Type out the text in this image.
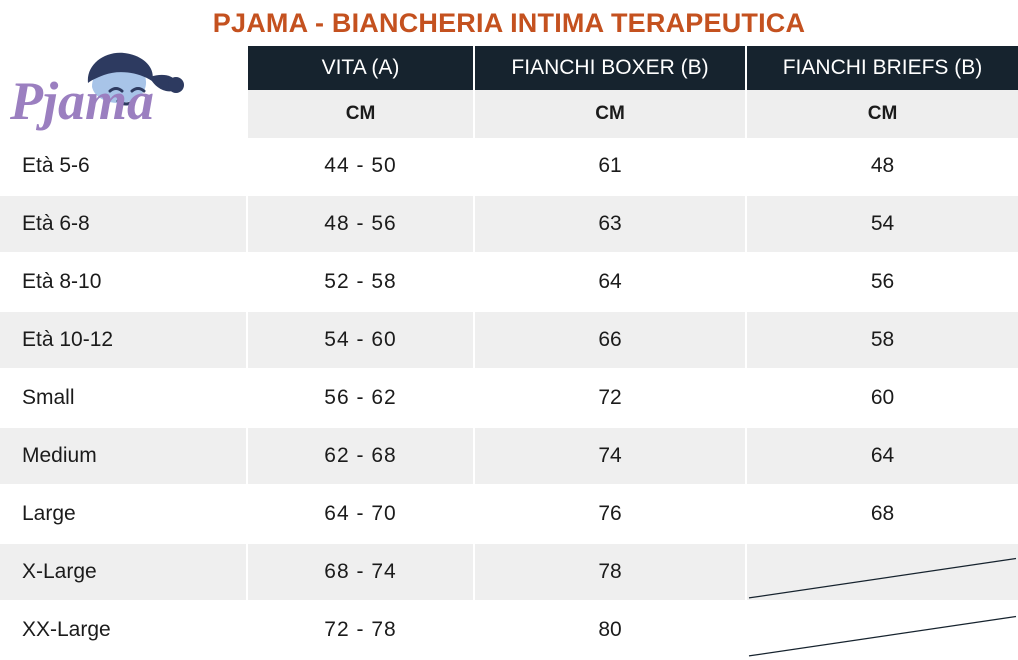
PJAMA - BIANCHERIA INTIMA TERAPEUTICA
Pjama	VITA (A)	FIANCHI BOXER (B)	FIANCHI BRIEFS (B)
	CM	CM	CM
Età 5-6	44 - 50	61	48
Età 6-8	48 - 56	63	54
Età 8-10	52 - 58	64	56
Età 10-12	54 - 60	66	58
Small	56 - 62	72	60
Medium	62 - 68	74	64
Large	64 - 70	76	68
X-Large	68 - 74	78	

XX-Large	72 - 78	80	
